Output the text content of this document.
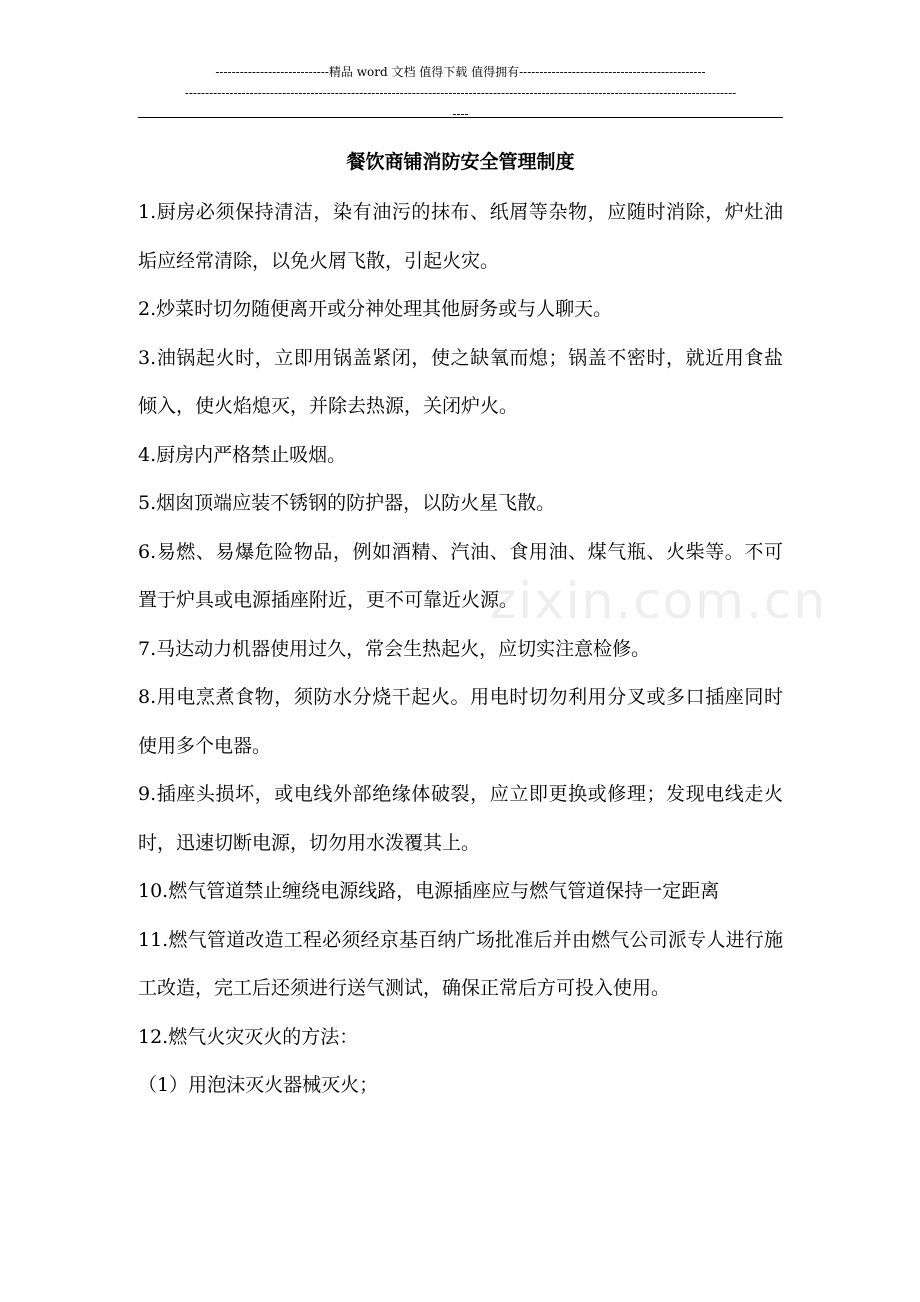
----------------------------精品 word 文档 值得下载 值得拥有----------------------------------------------
----------------------------------------------------------------------------------------------------------------------------------------
----
餐饮商铺消防安全管理制度

1.厨房必须保持清洁，染有油污的抹布、纸屑等杂物，应随时消除，炉灶油垢应经常清除，以免火屑飞散，引起火灾。

2.炒菜时切勿随便离开或分神处理其他厨务或与人聊天。

3.油锅起火时，立即用锅盖紧闭，使之缺氧而熄；锅盖不密时，就近用食盐倾入，使火焰熄灭，并除去热源，关闭炉火。

4.厨房内严格禁止吸烟。

5.烟囱顶端应装不锈钢的防护器，以防火星飞散。

6.易燃、易爆危险物品，例如酒精、汽油、食用油、煤气瓶、火柴等。不可置于炉具或电源插座附近，更不可靠近火源。

7.马达动力机器使用过久，常会生热起火，应切实注意检修。

8.用电烹煮食物，须防水分烧干起火。用电时切勿利用分叉或多口插座同时使用多个电器。

9.插座头损坏，或电线外部绝缘体破裂，应立即更换或修理；发现电线走火时，迅速切断电源，切勿用水泼覆其上。

10.燃气管道禁止缠绕电源线路，电源插座应与燃气管道保持一定距离

11.燃气管道改造工程必须经京基百纳广场批准后并由燃气公司派专人进行施工改造，完工后还须进行送气测试，确保正常后方可投入使用。

12.燃气火灾灭火的方法：

（1）用泡沫灭火器械灭火；

zixin.com.cn
